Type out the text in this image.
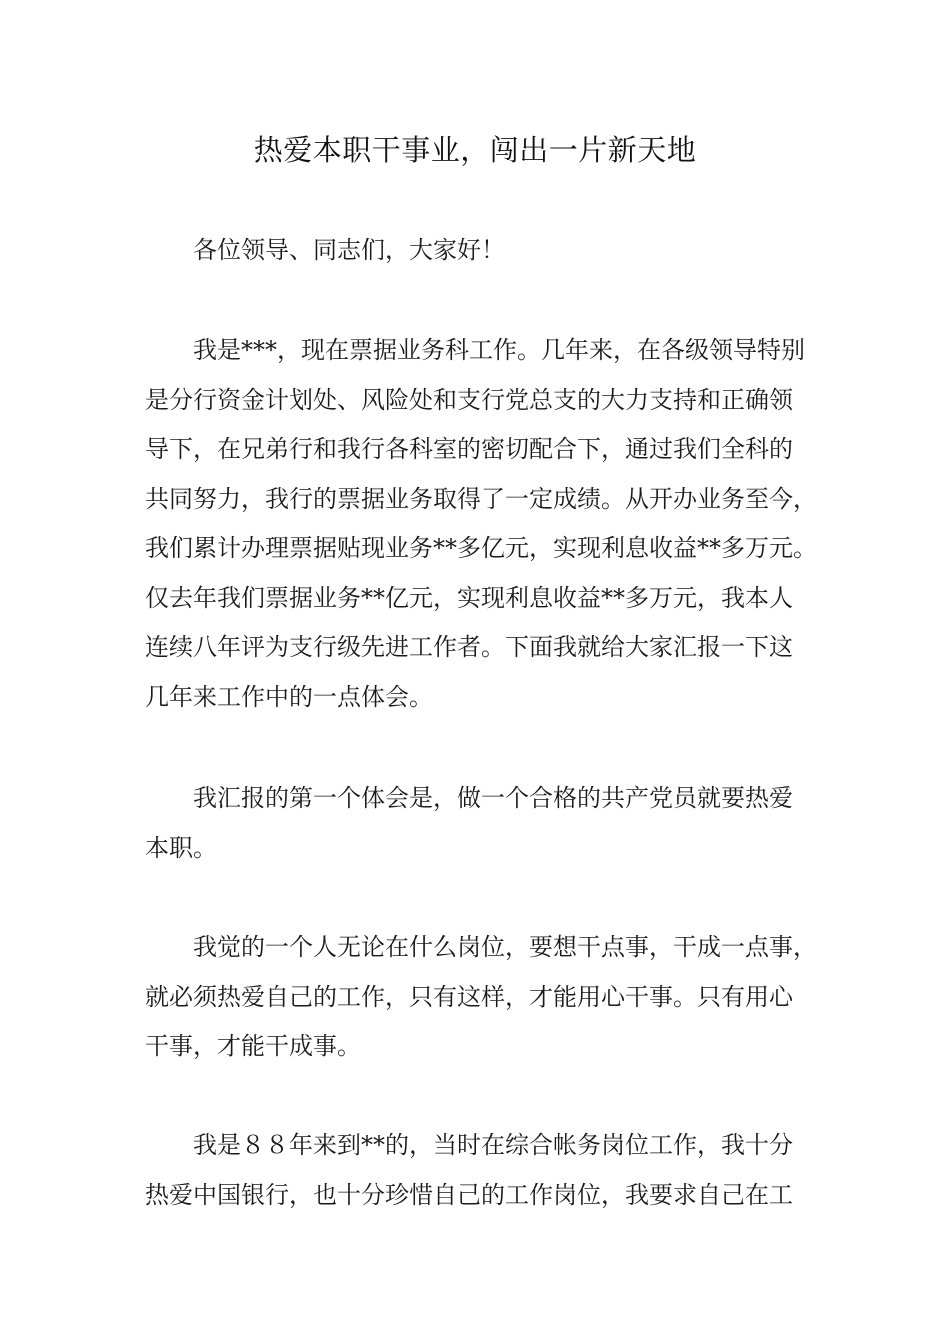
热爱本职干事业，闯出一片新天地
各位领导、同志们，大家好！
我是***，现在票据业务科工作。几年来，在各级领导特别
是分行资金计划处、风险处和支行党总支的大力支持和正确领
导下，在兄弟行和我行各科室的密切配合下，通过我们全科的
共同努力，我行的票据业务取得了一定成绩。从开办业务至今，
我们累计办理票据贴现业务**多亿元，实现利息收益**多万元。
仅去年我们票据业务**亿元，实现利息收益**多万元，我本人
连续八年评为支行级先进工作者。下面我就给大家汇报一下这
几年来工作中的一点体会。
我汇报的第一个体会是，做一个合格的共产党员就要热爱
本职。
我觉的一个人无论在什么岗位，要想干点事，干成一点事，
就必须热爱自己的工作，只有这样，才能用心干事。只有用心
干事，才能干成事。
我是８８年来到**的，当时在综合帐务岗位工作，我十分
热爱中国银行，也十分珍惜自己的工作岗位，我要求自己在工
